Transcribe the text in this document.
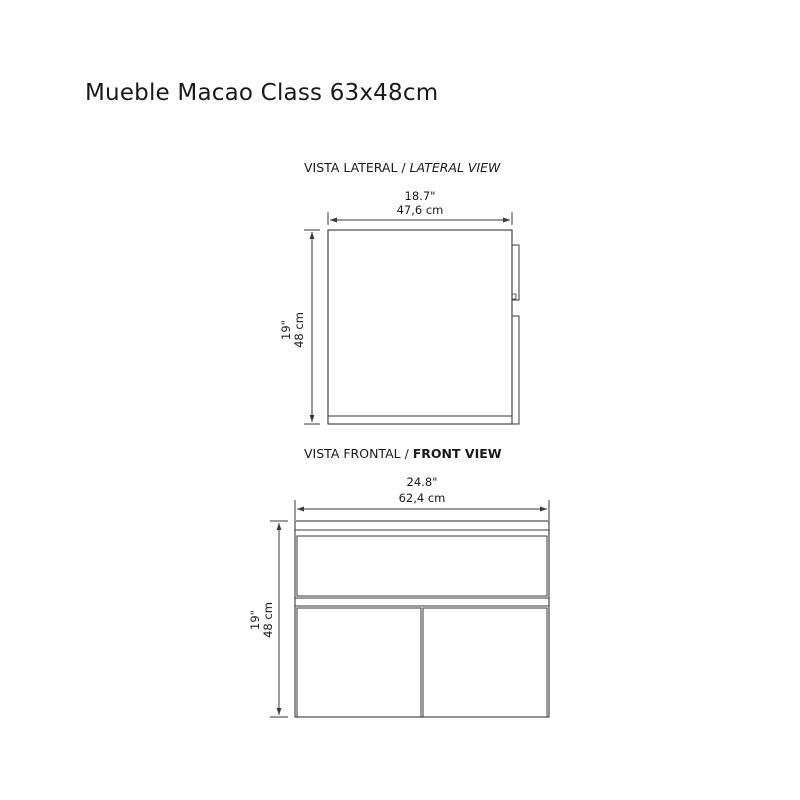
Mueble Macao Class 63x48cm
VISTA LATERAL / LATERAL VIEW
18.7"
47,6 cm
19" 48 cm
VISTA FRONTAL / FRONT VIEW
24.8"
62,4 cm
19" 48 cm
